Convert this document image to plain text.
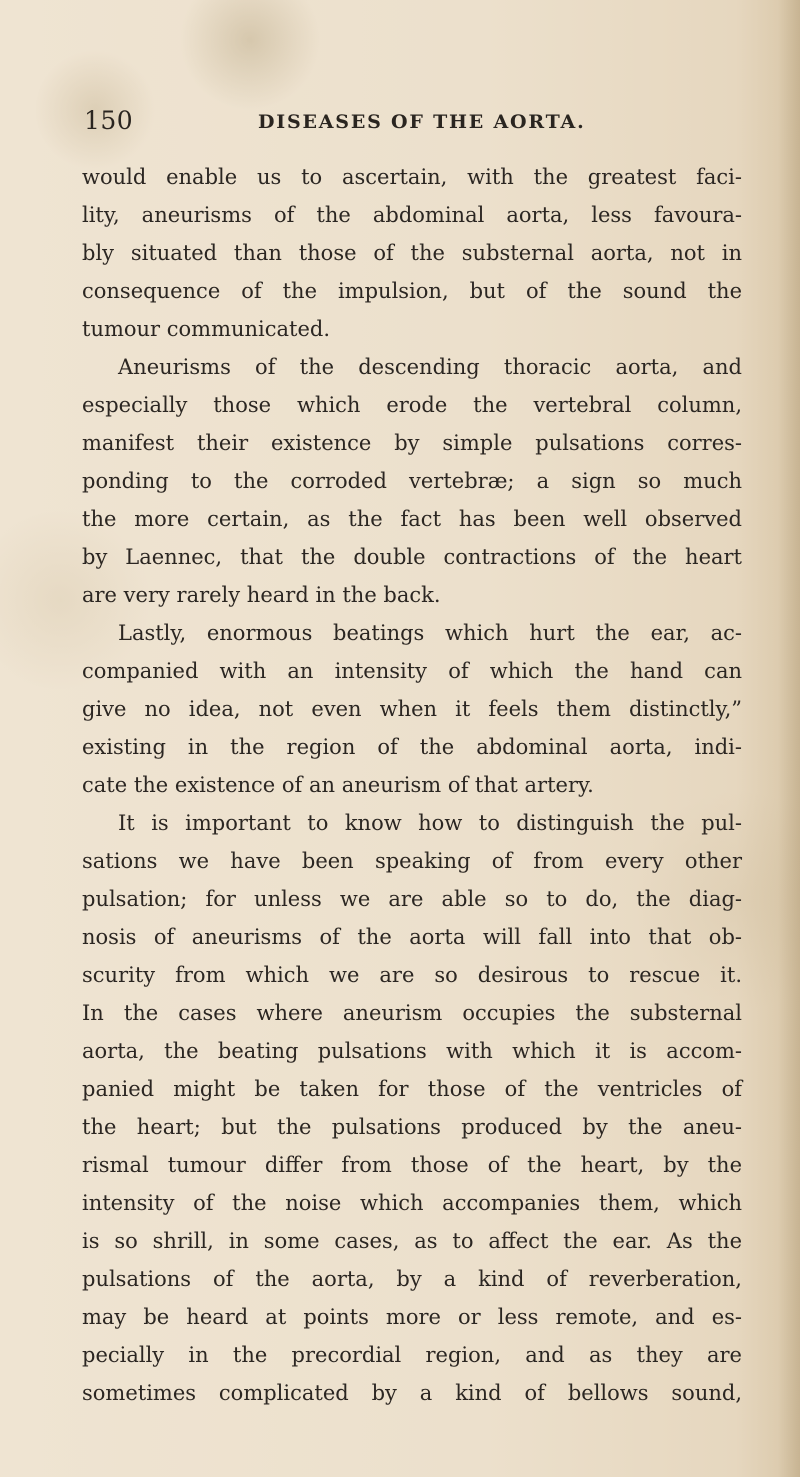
150	DISEASES OF THE AORTA.
would enable us to ascertain, with the greatest faci-
lity, aneurisms of the abdominal aorta, less favoura-
bly situated than those of the substernal aorta, not in
consequence of the impulsion, but of the sound the
tumour communicated.
Aneurisms of the descending thoracic aorta, and
especially those which erode the vertebral column,
manifest their existence by simple pulsations corres-
ponding to the corroded vertebræ; a sign so much
the more certain, as the fact has been well observed
by Laennec, that the double contractions of the heart
are very rarely heard in the back.
Lastly, enormous beatings which hurt the ear, ac-
companied with an intensity of which the hand can
give no idea, not even when it feels them distinctly,”
existing in the region of the abdominal aorta, indi-
cate the existence of an aneurism of that artery.
It is important to know how to distinguish the pul-
sations we have been speaking of from every other
pulsation; for unless we are able so to do, the diag-
nosis of aneurisms of the aorta will fall into that ob-
scurity from which we are so desirous to rescue it.
In the cases where aneurism occupies the substernal
aorta, the beating pulsations with which it is accom-
panied might be taken for those of the ventricles of
the heart; but the pulsations produced by the aneu-
rismal tumour differ from those of the heart, by the
intensity of the noise which accompanies them, which
is so shrill, in some cases, as to affect the ear. As the
pulsations of the aorta, by a kind of reverberation,
may be heard at points more or less remote, and es-
pecially in the precordial region, and as they are
sometimes complicated by a kind of bellows sound,
